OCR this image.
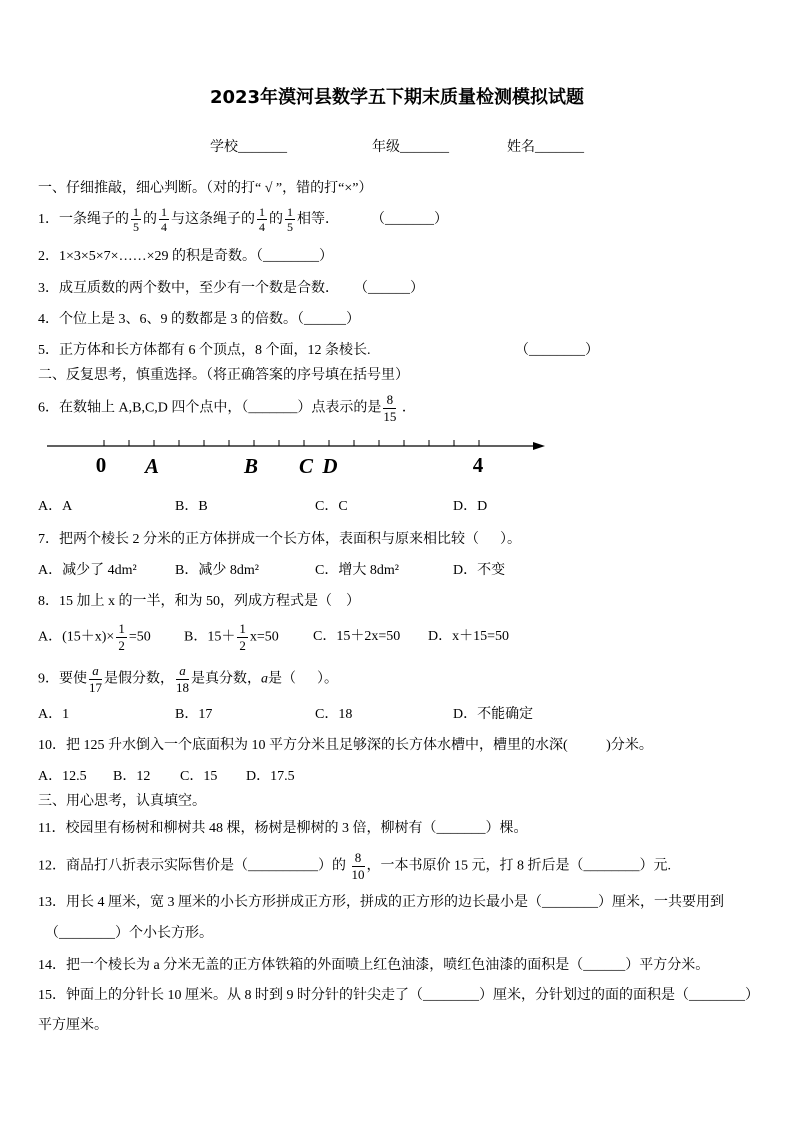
2023年漠河县数学五下期末质量检测模拟试题
学校_______	年级_______	姓名_______
一、仔细推敲，细心判断。（对的打“ √ ”，错的打“×”）
1．一条绳子的 $\frac{1}{5}$ 的 $\frac{1}{4}$ 与这条绳子的 $\frac{1}{4}$ 的 $\frac{1}{5}$ 相等． （_______）
2．1×3×5×7×……×29 的积是奇数。（________）
3．成互质数的两个数中，至少有一个数是合数． （______）
4．个位上是 3、6、9 的数都是 3 的倍数。（______）
5．正方体和长方体都有 6 个顶点，8 个面，12 条棱长.	（________）
二、反复思考，慎重选择。（将正确答案的序号填在括号里）
6．在数轴上 A,B,C,D 四个点中，（_______）点表示的是 $\frac{8}{15}$ ．
0 A	B C D	4
A．A	B．B	C．C	D．D
7．把两个棱长 2 分米的正方体拼成一个长方体，表面积与原来相比较（      ）。
A．减少了 4dm²	B．减少 8dm²	C．增大 8dm²	D．不变
8．15 加上 x 的一半，和为 50，列成方程式是（    ）
A．$(15+x)\times \frac{1}{2} =50$ B．$15+ \frac{1}{2} x=50$ C．15＋2x=50 D．x＋15=50
9．要使 $\frac{a}{17}$ 是假分数， $\frac{a}{18}$ 是真分数，a是（      ）。
A．1	B．17	C．18	D．不能确定
10．把 125 升水倒入一个底面积为 10 平方分米且足够深的长方体水槽中，槽里的水深(           )分米。
A．12.5 B．12 C．15 D．17.5
三、用心思考，认真填空。
11．校园里有杨树和柳树共 48 棵，杨树是柳树的 3 倍，柳树有（_______）棵。
12．商品打八折表示实际售价是（__________）的 $\frac{8}{10}$ ，一本书原价 15 元，打 8 折后是（________）元.
13．用长 4 厘米，宽 3 厘米的小长方形拼成正方形，拼成的正方形的边长最小是（________）厘米，一共要用到
（________）个小长方形。
14．把一个棱长为 a 分米无盖的正方体铁箱的外面喷上红色油漆，喷红色油漆的面积是（______）平方分米。
15．钟面上的分针长 10 厘米。从 8 时到 9 时分针的针尖走了（________）厘米，分针划过的面的面积是（________）
平方厘米。
